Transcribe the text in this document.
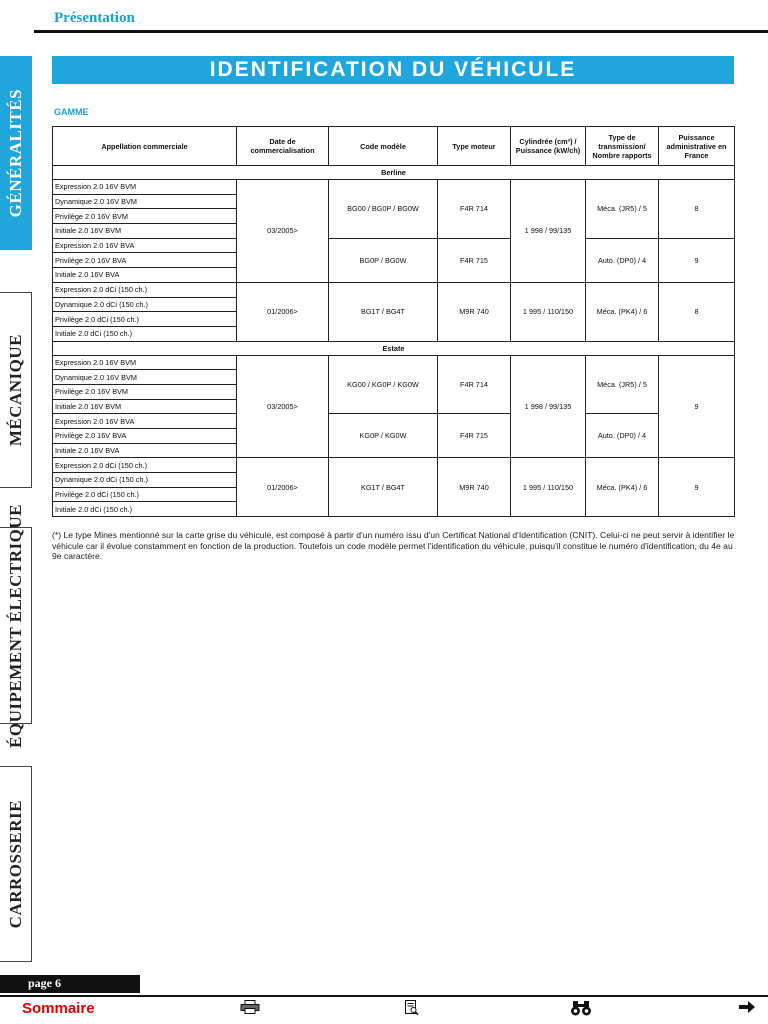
Présentation
GÉNÉRALITÉS
MÉCANIQUE
ÉQUIPEMENT ÉLECTRIQUE
CARROSSERIE
IDENTIFICATION DU VÉHICULE
GAMME
Appellation commerciale	Date de commercialisation	Code modèle	Type moteur	Cylindrée (cm³) / Puissance (kW/ch)	Type de transmission/ Nombre rapports	Puissance administrative en France
Berline						
Expression 2.0 16V BVM	03/2005>	BG00 / BG0P / BG0W	F4R 714	1 998 / 99/135	Méca. (JR5) / 5	8
Dynamique 2.0 16V BVM						
Privilège 2.0 16V BVM						
Initiale 2.0 16V BVM						
Expression 2.0 16V BVA		BG0P / BG0W	F4R 715		Auto. (DP0) / 4	9
Privilège 2.0 16V BVA						
Initiale 2.0 16V BVA						
Expression 2.0 dCi (150 ch.)	01/2006>	BG1T / BG4T	M9R 740	1 995 / 110/150	Méca. (PK4) / 6	8
Dynamique 2.0 dCi (150 ch.)						
Privilège 2.0 dCi (150 ch.)						
Initiale 2.0 dCi (150 ch.)						
Estate						
Expression 2.0 16V BVM	03/2005>	KG00 / KG0P / KG0W	F4R 714	1 998 / 99/135	Méca. (JR5) / 5	9
Dynamique 2.0 16V BVM						
Privilège 2.0 16V BVM						
Initiale 2.0 16V BVM						
Expression 2.0 16V BVA		KG0P / KG0W	F4R 715		Auto. (DP0) / 4	
Privilège 2.0 16V BVA						
Initiale 2.0 16V BVA						
Expression 2.0 dCi (150 ch.)	01/2006>	KG1T / BG4T	M9R 740	1 995 / 110/150	Méca. (PK4) / 6	9
Dynamique 2.0 dCi (150 ch.)						
Privilège 2.0 dCi (150 ch.)						
Initiale 2.0 dCi (150 ch.)						
(*) Le type Mines mentionné sur la carte grise du véhicule, est composé à partir d'un numéro issu d'un Certificat National d'Identification (CNIT). Celui-ci ne peut servir à identifier le véhicule car il évolue constamment en fonction de la production. Toutefois un code modèle permet l'identification du véhicule, puisqu'il constitue le numéro d'identification, du 4e au 9e caractère.
page 6
Sommaire
